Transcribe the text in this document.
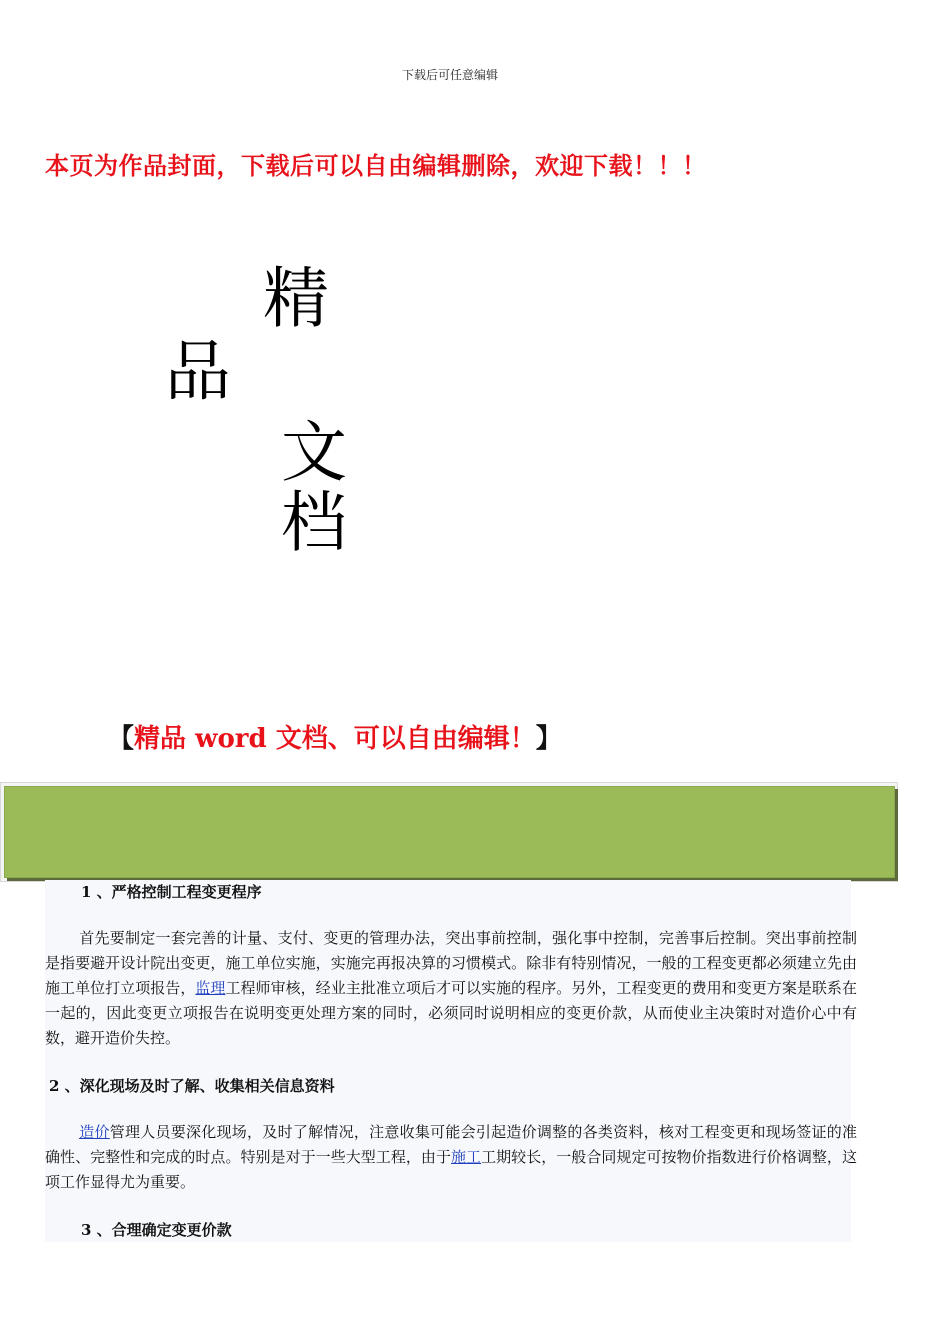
下载后可任意编辑
本页为作品封面，下载后可以自由编辑删除，欢迎下载！！！
精
品
文
档
【精品 word 文档、可以自由编辑！】
1 、严格控制工程变更程序
首先要制定一套完善的计量、支付、变更的管理办法，突出事前控制，强化事中控制，完善事后控制。突出事前控制是指要避开设计院出变更，施工单位实施，实施完再报决算的习惯模式。除非有特别情况，一般的工程变更都必须建立先由施工单位打立项报告，监理工程师审核，经业主批准立项后才可以实施的程序。另外，工程变更的费用和变更方案是联系在一起的，因此变更立项报告在说明变更处理方案的同时，必须同时说明相应的变更价款，从而使业主决策时对造价心中有数，避开造价失控。
2 、深化现场及时了解、收集相关信息资料
造价管理人员要深化现场，及时了解情况，注意收集可能会引起造价调整的各类资料，核对工程变更和现场签证的准确性、完整性和完成的时点。特别是对于一些大型工程，由于施工工期较长，一般合同规定可按物价指数进行价格调整，这项工作显得尤为重要。
3 、合理确定变更价款
